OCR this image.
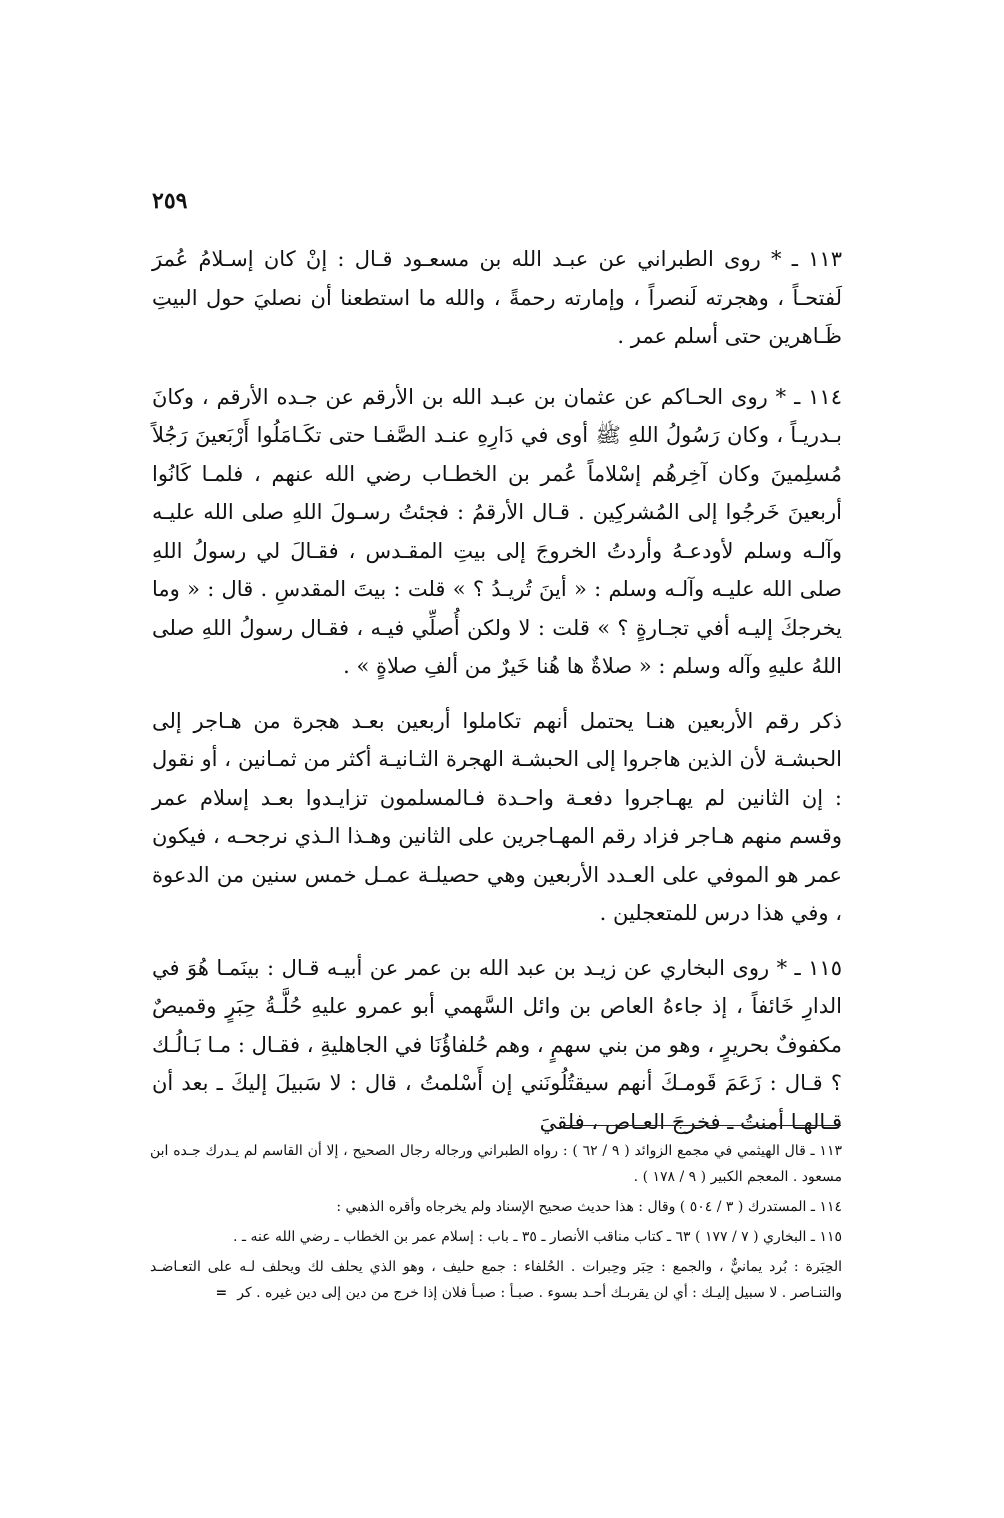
٢٥٩

١١٣ ـ * روى الطبراني عن عبـد الله بن مسعـود قـال : إنْ كان إسـلامُ عُمرَ لَفتحـاً ، وهجرته لَنصراً ، وإمارته رحمةً ، والله ما استطعنا أن نصليَ حول البيتِ ظَـاهرين حتى أسلم عمر .

١١٤ ـ * روى الحـاكم عن عثمان بن عبـد الله بن الأرقم عن جـده الأرقم ، وكانَ بـدريـاً ، وكان رَسُولُ اللهِ ﷺ أوى في دَارِهِ عنـد الصَّفـا حتى تكَـامَلُوا أَرْبَعينَ رَجُلاً مُسلِمينَ وكان آخِرهُم إسْلاماً عُمر بن الخطـاب رضي الله عنهم ، فلمـا كَانُوا أربعينَ خَرجُوا إلى المُشركِين . قـال الأرقمُ : فجئتُ رسـولَ اللهِ صلى الله عليـه وآلـه وسلم لأودعـهُ وأردتُ الخروجَ إلى بيتِ المقـدس ، فقـالَ لي رسولُ اللهِ صلى الله عليـه وآلـه وسلم : « أينَ تُريـدُ ؟ » قلت : بيتَ المقدسِ . قال : « وما يخرجكَ إليـه أفي تجـارةٍ ؟ » قلت : لا ولكن أُصلِّي فيـه ، فقـال رسولُ اللهِ صلى اللهُ عليهِ وآله وسلم : « صلاةٌ ها هُنا خَيرٌ من ألفِ صلاةٍ » .

ذكر رقم الأربعين هنـا يحتمل أنهم تكاملوا أربعين بعـد هجرة من هـاجر إلى الحبشـة لأن الذين هاجروا إلى الحبشـة الهجرة الثـانيـة أكثر من ثمـانين ، أو نقول : إن الثانين لم يهـاجروا دفعـة واحـدة فـالمسلمون تزايـدوا بعـد إسلام عمر وقسم منهم هـاجر فزاد رقم المهـاجرين على الثانين وهـذا الـذي نرجحـه ، فيكون عمر هو الموفي على العـدد الأربعين وهي حصيلـة عمـل خمس سنين من الدعوة ، وفي هذا درس للمتعجلين .

١١٥ ـ * روى البخاري عن زيـد بن عبد الله بن عمر عن أبيـه قـال : بينَمـا هُوَ في الدارِ خَائفاً ، إذ جاءهُ العاص بن وائل السَّهمي أبو عمرو عليهِ حُلَّـةُ حِبَرٍ وقميصٌ مكفوفٌ بحريرٍ ، وهو من بني سهمٍ ، وهم حُلفاؤُنَا في الجاهليةِ ، فقـال : مـا بَـالُـك ؟ قـال : زَعَمَ قَومـكَ أنهم سيقتُلُونَني إن أَسْلمتُ ، قال : لا سَبيلَ إليكَ ـ بعد أن قـالهـا أمنتُ ـ فخرجَ العـاص ، فلقيَ

١١٣ ـ قال الهيثمي في مجمع الزوائد ( ٩ / ٦٢ ) : رواه الطبراني ورجاله رجال الصحيح ، إلا أن القاسم لم يـدرك جـده ابن مسعود . المعجم الكبير ( ٩ / ١٧٨ ) .

١١٤ ـ المستدرك ( ٣ / ٥٠٤ ) وقال : هذا حديث صحيح الإسناد ولم يخرجاه وأقره الذهبي :

١١٥ ـ البخاري ( ٧ / ١٧٧ ) ٦٣ ـ كتاب مناقب الأنصار ـ ٣٥ ـ باب : إسلام عمر بن الخطاب ـ رضي الله عنه ـ .

الحِبَرة : بُرد يمانيٌّ ، والجمع : حِبَر وحِبرات . الحُلفاء : جمع حليف ، وهو الذي يحلف لك ويحلف لـه على التعـاضـد والتنـاصر . لا سبيل إليـك : أي لن يقربـك أحـد بسوء . صبـأ : صبـأ فلان إذا خرج من دين إلى دين غيره . كر=
